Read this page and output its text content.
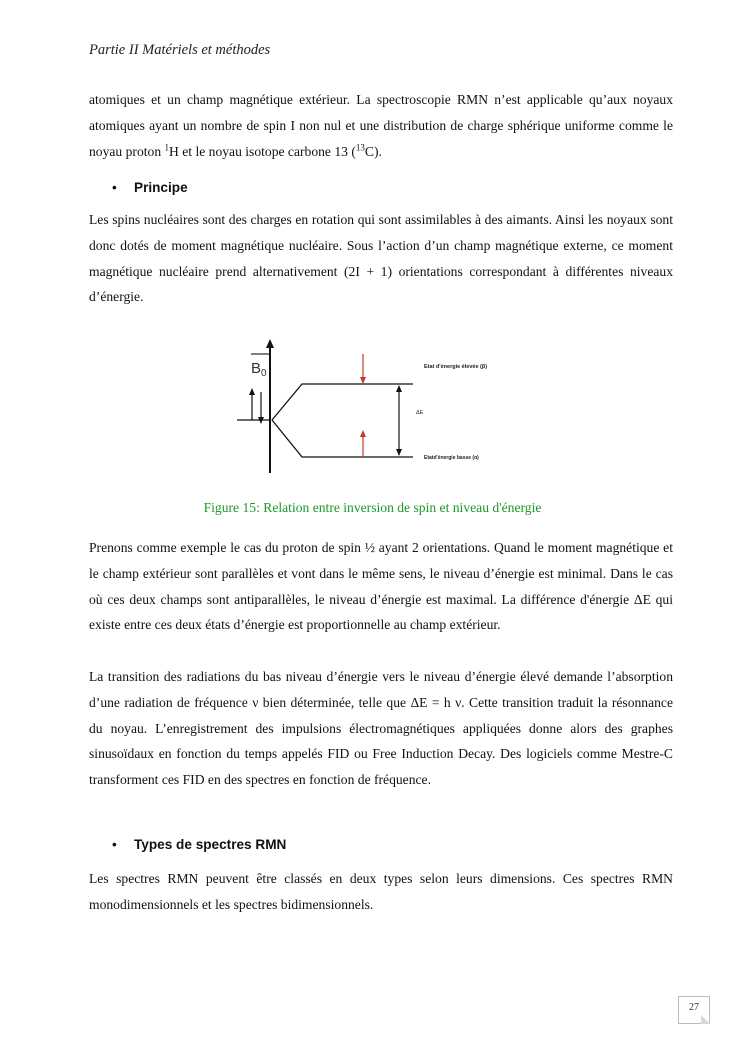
Partie II Matériels et méthodes

atomiques et un champ magnétique extérieur. La spectroscopie RMN n’est applicable qu’aux noyaux atomiques ayant un nombre de spin I non nul et une distribution de charge sphérique uniforme comme le noyau proton $^1$H et le noyau isotope carbone 13 ($^{13}$C).

• Principe

Les spins nucléaires sont des charges en rotation qui sont assimilables à des aimants. Ainsi les noyaux sont donc dotés de moment magnétique nucléaire. Sous l’action d’un champ magnétique externe, ce moment magnétique nucléaire prend alternativement (2I + 1) orientations correspondant à différentes niveaux d’énergie.

$B_0$
ΔE
Etat d'énergie élevée (β)
Etatd'énergie basse (α)
Figure 15: Relation entre inversion de spin et niveau d'énergie

Prenons comme exemple le cas du proton de spin ½ ayant 2 orientations. Quand le moment magnétique et le champ extérieur sont parallèles et vont dans le même sens, le niveau d’énergie est minimal. Dans le cas où ces deux champs sont antiparallèles, le niveau d’énergie est maximal. La différence d'énergie ΔE qui existe entre ces deux états d’énergie est proportionnelle au champ extérieur.

La transition des radiations du bas niveau d’énergie vers le niveau d’énergie élevé demande l’absorption d’une radiation de fréquence ν bien déterminée, telle que ΔE = h ν. Cette transition traduit la résonnance du noyau. L’enregistrement des impulsions électromagnétiques appliquées donne alors des graphes sinusoïdaux en fonction du temps appelés FID ou Free Induction Decay. Des logiciels comme Mestre-C transforment ces FID en des spectres en fonction de fréquence.

• Types de spectres RMN

Les spectres RMN peuvent être classés en deux types selon leurs dimensions. Ces spectres RMN monodimensionnels et les spectres bidimensionnels.

27
